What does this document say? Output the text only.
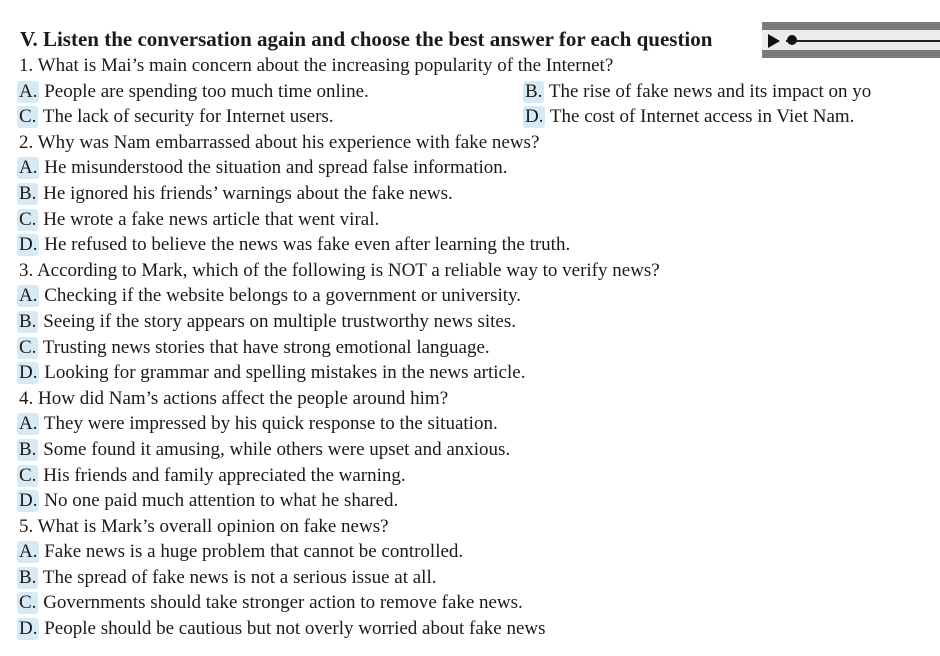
V. Listen the conversation again and choose the best answer for each question
1. What is Mai’s main concern about the increasing popularity of the Internet?
A. People are spending too much time online.	B. The rise of fake news and its impact on yo
C. The lack of security for Internet users.	D. The cost of Internet access in Viet Nam.
2. Why was Nam embarrassed about his experience with fake news?
A. He misunderstood the situation and spread false information.
B. He ignored his friends’ warnings about the fake news.
C. He wrote a fake news article that went viral.
D. He refused to believe the news was fake even after learning the truth.
3. According to Mark, which of the following is NOT a reliable way to verify news?
A. Checking if the website belongs to a government or university.
B. Seeing if the story appears on multiple trustworthy news sites.
C. Trusting news stories that have strong emotional language.
D. Looking for grammar and spelling mistakes in the news article.
4. How did Nam’s actions affect the people around him?
A. They were impressed by his quick response to the situation.
B. Some found it amusing, while others were upset and anxious.
C. His friends and family appreciated the warning.
D. No one paid much attention to what he shared.
5. What is Mark’s overall opinion on fake news?
A. Fake news is a huge problem that cannot be controlled.
B. The spread of fake news is not a serious issue at all.
C. Governments should take stronger action to remove fake news.
D. People should be cautious but not overly worried about fake news
